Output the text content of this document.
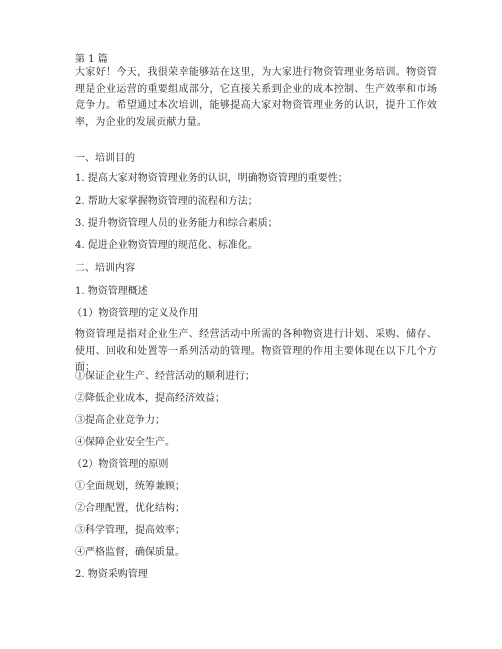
第 1 篇
大家好！今天，我很荣幸能够站在这里，为大家进行物资管理业务培训。物资管理是企业运营的重要组成部分，它直接关系到企业的成本控制、生产效率和市场竞争力。希望通过本次培训，能够提高大家对物资管理业务的认识，提升工作效率，为企业的发展贡献力量。
一、培训目的
1. 提高大家对物资管理业务的认识，明确物资管理的重要性；
2. 帮助大家掌握物资管理的流程和方法；
3. 提升物资管理人员的业务能力和综合素质；
4. 促进企业物资管理的规范化、标准化。
二、培训内容
1. 物资管理概述
（1）物资管理的定义及作用
物资管理是指对企业生产、经营活动中所需的各种物资进行计划、采购、储存、使用、回收和处置等一系列活动的管理。物资管理的作用主要体现在以下几个方面：
①保证企业生产、经营活动的顺利进行；
②降低企业成本，提高经济效益；
③提高企业竞争力；
④保障企业安全生产。
（2）物资管理的原则
①全面规划，统筹兼顾；
②合理配置，优化结构；
③科学管理，提高效率；
④严格监督，确保质量。
2. 物资采购管理
